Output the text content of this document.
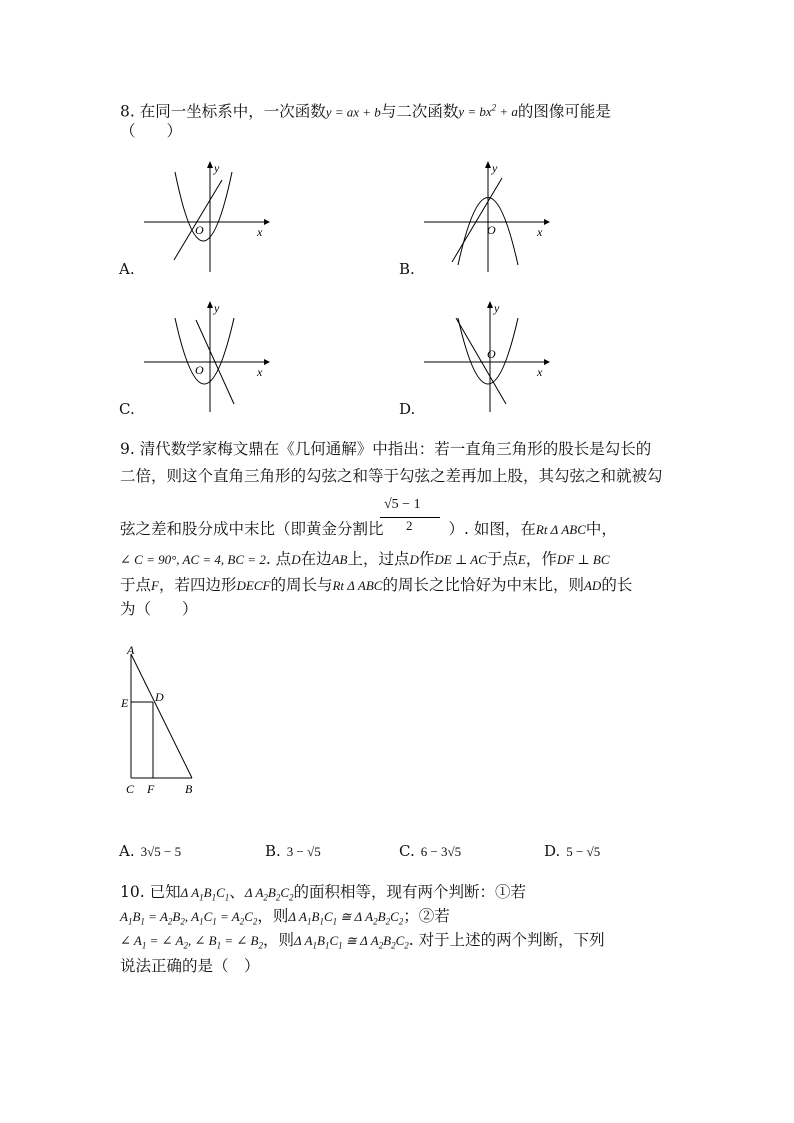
8. 在同一坐标系中，一次函数y = ax + b与二次函数$y = bx^2 + a$的图像可能是
（　　）
y
x
O
A.
y
x
O
B.
y
x
O
C.
y
x
O
D.
9. 清代数学家梅文鼎在《几何通解》中指出：若一直角三角形的股长是勾长的
二倍，则这个直角三角形的勾弦之和等于勾弦之差再加上股，其勾弦之和就被勾
√5 − 1
2
弦之差和股分成中末比（即黄金分割比	）. 如图，在Rt Δ ABC中，
∠ C = 90°, AC = 4, BC = 2. 点D在边AB上，过点D作DE ⊥ AC于点E，作DF ⊥ BC
于点F，若四边形DECF的周长与Rt Δ ABC的周长之比恰好为中末比，则AD的长
为（　　）
A
D
E
C F	B
A. 3√5 − 5	B. 3 − √5	C. 6 − 3√5	D. 5 − √5
10. 已知Δ $A_1B_1C_1$、Δ $A_2B_2C_2$的面积相等，现有两个判断：①若
$A_1B_1 = A_2B_2$, $A_1C_1 = A_2C_2$，则Δ $A_1B_1C_1$ ≅ Δ $A_2B_2C_2$；②若
∠ $A_1$ = ∠ $A_2$, ∠ $B_1$ = ∠ $B_2$，则Δ $A_1B_1C_1$ ≅ Δ $A_2B_2C_2$. 对于上述的两个判断，下列
说法正确的是（　）
